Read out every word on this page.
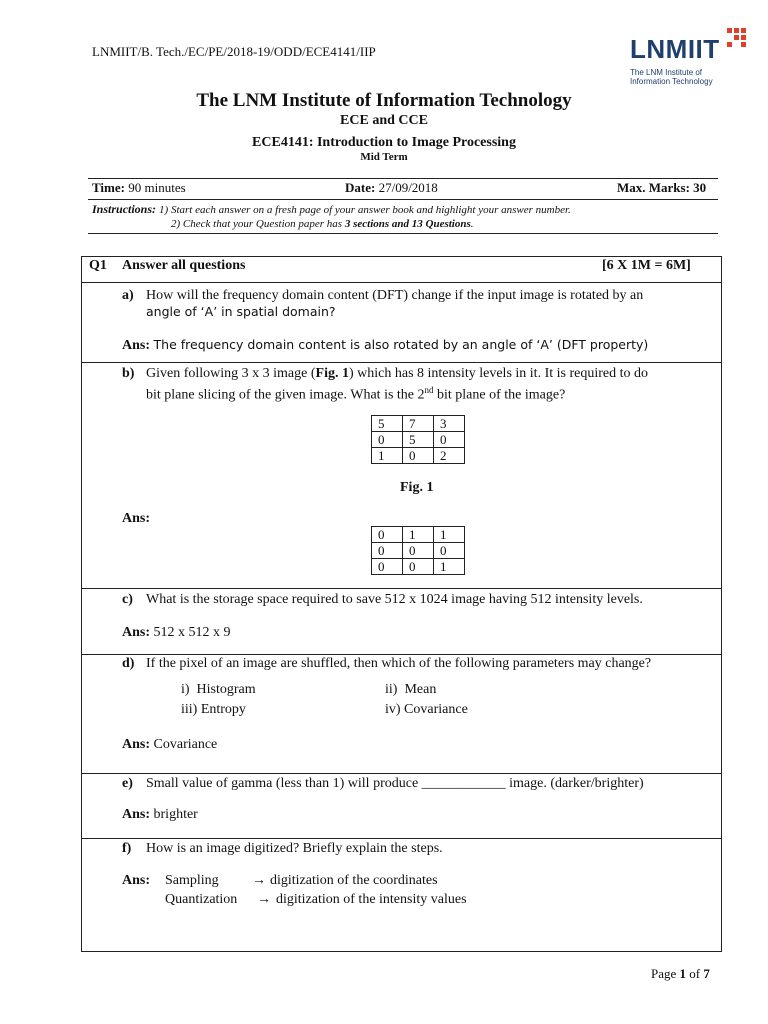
LNMIIT/B. Tech./EC/PE/2018-19/ODD/ECE4141/IIP	LNMIIT
The LNM Institute of
Information Technology
The LNM Institute of Information Technology
ECE and CCE
ECE4141: Introduction to Image Processing
Mid Term
Time: 90 minutes	Date: 27/09/2018	Max. Marks: 30
Instructions: 1) Start each answer on a fresh page of your answer book and highlight your answer number.
2) Check that your Question paper has 3 sections and 13 Questions.
Q1 Answer all questions	[6 X 1M = 6M]
a) How will the frequency domain content (DFT) change if the input image is rotated by an
angle of ‘A’ in spatial domain?
Ans: The frequency domain content is also rotated by an angle of ‘A’ (DFT property)
b) Given following 3 x 3 image (Fig. 1) which has 8 intensity levels in it. It is required to do
bit plane slicing of the given image. What is the 2nd bit plane of the image?
5	7	3
0	5	0
1	0	2
Fig. 1
Ans:
0	1	1
0	0	0
0	0	1
c) What is the storage space required to save 512 x 1024 image having 512 intensity levels.
Ans: 512 x 512 x 9
d) If the pixel of an image are shuffled, then which of the following parameters may change?
i)  Histogram	ii)  Mean
iii) Entropy	iv) Covariance
Ans: Covariance
e) Small value of gamma (less than 1) will produce ____________ image. (darker/brighter)
Ans: brighter
f) How is an image digitized? Briefly explain the steps.
Ans: Sampling → digitization of the coordinates
Quantization → digitization of the intensity values
Page 1 of 7
